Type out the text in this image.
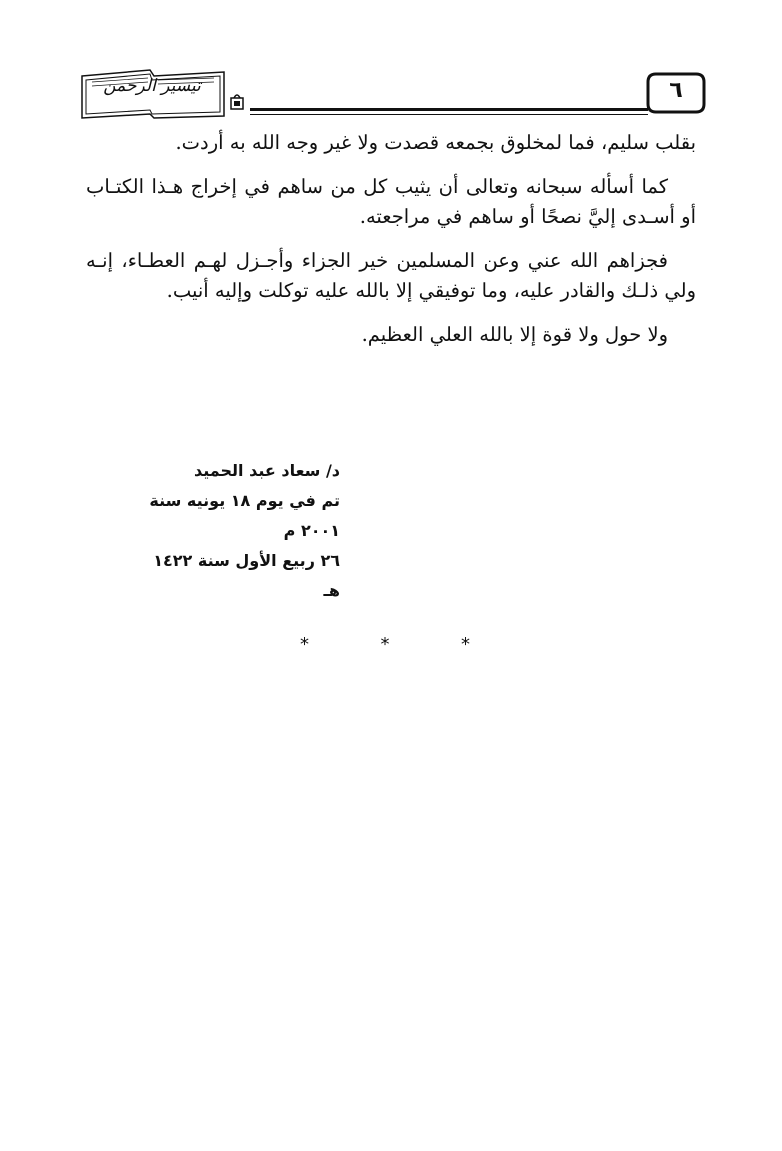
تيسير الرحمن	٦

بقلب سليم، فما لمخلوق بجمعه قصدت ولا غير وجه الله به أردت.

كما أسأله سبحانه وتعالى أن يثيب كل من ساهم في إخراج هـذا الكتـاب أو أسـدى إليَّ نصحًا أو ساهم في مراجعته.

فجزاهم الله عني وعن المسلمين خير الجزاء وأجـزل لهـم العطـاء، إنـه ولي ذلـك والقادر عليه، وما توفيقي إلا بالله عليه توكلت وإليه أنيب.

ولا حول ولا قوة إلا بالله العلي العظيم.

د/ سعاد عبد الحميد
تم في يوم ١٨ يونيه سنة ٢٠٠١ م
٢٦ ربيع الأول سنة ١٤٢٢ هـ
*	*	*
